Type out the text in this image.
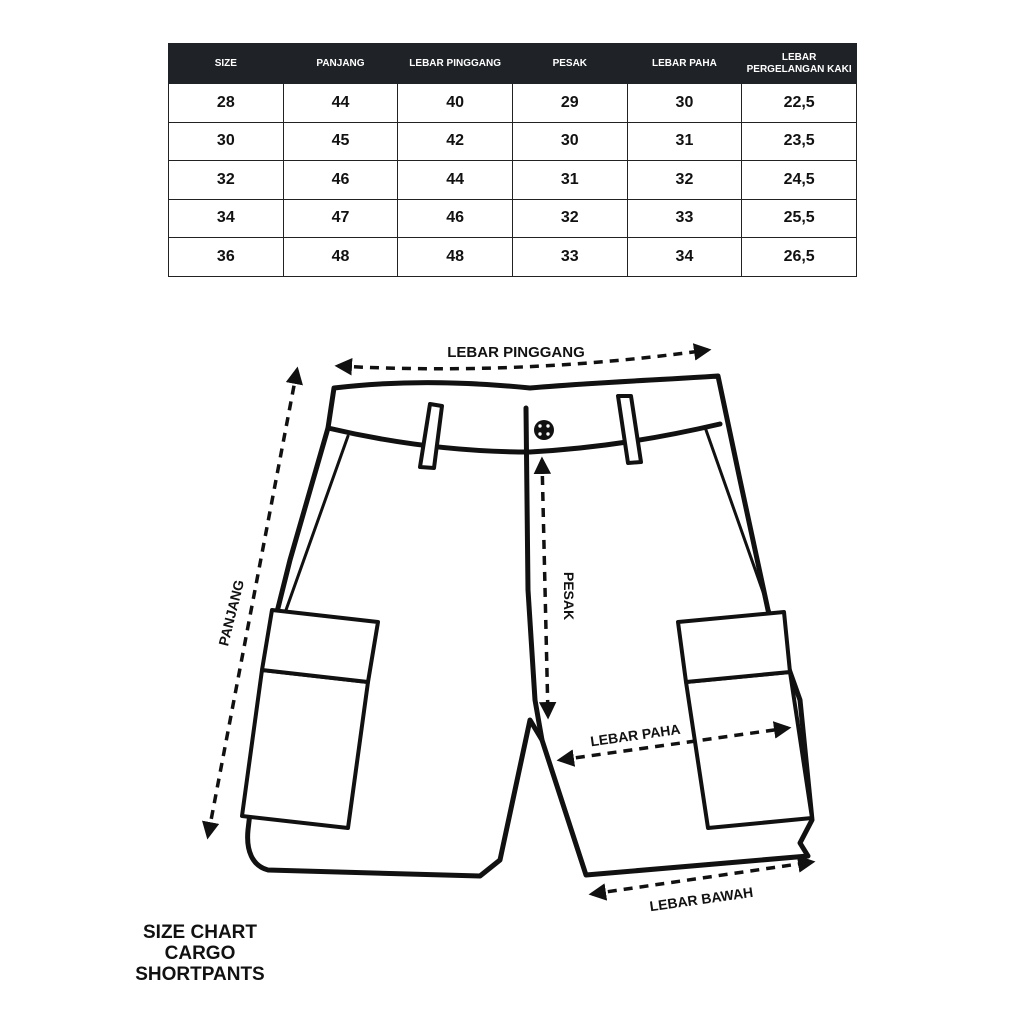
SIZE	PANJANG	LEBAR PINGGANG	PESAK	LEBAR PAHA	LEBAR PERGELANGAN KAKI
28	44	40	29	30	22,5
30	45	42	30	31	23,5
32	46	44	31	32	24,5
34	47	46	32	33	25,5
36	48	48	33	34	26,5
LEBAR PINGGANG
PANJANG	PESAK
LEBAR PAHA
LEBAR BAWAH
SIZE CHART
CARGO
SHORTPANTS
